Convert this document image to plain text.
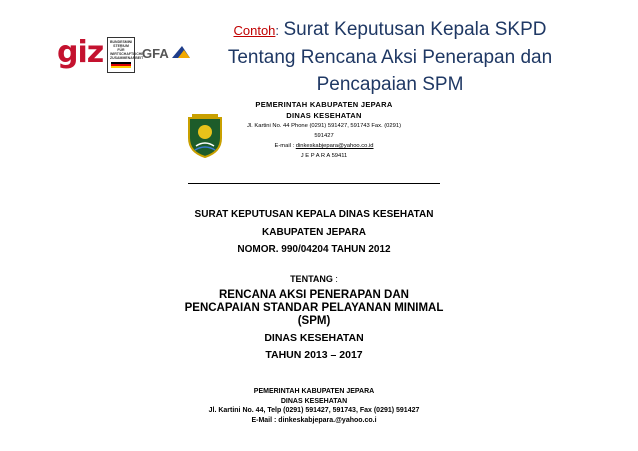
giz BUNDESMINI
STERIUM
FÜR
WIRTSCHAFTLICHE
ZUSAMMENARBEIT
GFA
Contoh: Surat Keputusan Kepala SKPD
Tentang Rencana Aksi Penerapan dan
Pencapaian SPM
PEMERINTAH KABUPATEN JEPARA
DINAS KESEHATAN
Jl. Kartini No. 44 Phone (0291) 591427, 591743 Fax. (0291)
591427
E-mail : dinkeskabjepara@yahoo.co.id
J E P A R A 59411
SURAT KEPUTUSAN KEPALA DINAS KESEHATAN
KABUPATEN JEPARA
NOMOR. 990/04204 TAHUN 2012
TENTANG :
RENCANA AKSI PENERAPAN DAN
PENCAPAIAN STANDAR PELAYANAN MINIMAL
(SPM)
DINAS KESEHATAN
TAHUN 2013 – 2017
PEMERINTAH KABUPATEN JEPARA
DINAS KESEHATAN
Jl. Kartini No. 44, Telp (0291) 591427, 591743, Fax (0291) 591427
E-Mail : dinkeskabjepara.@yahoo.co.i
